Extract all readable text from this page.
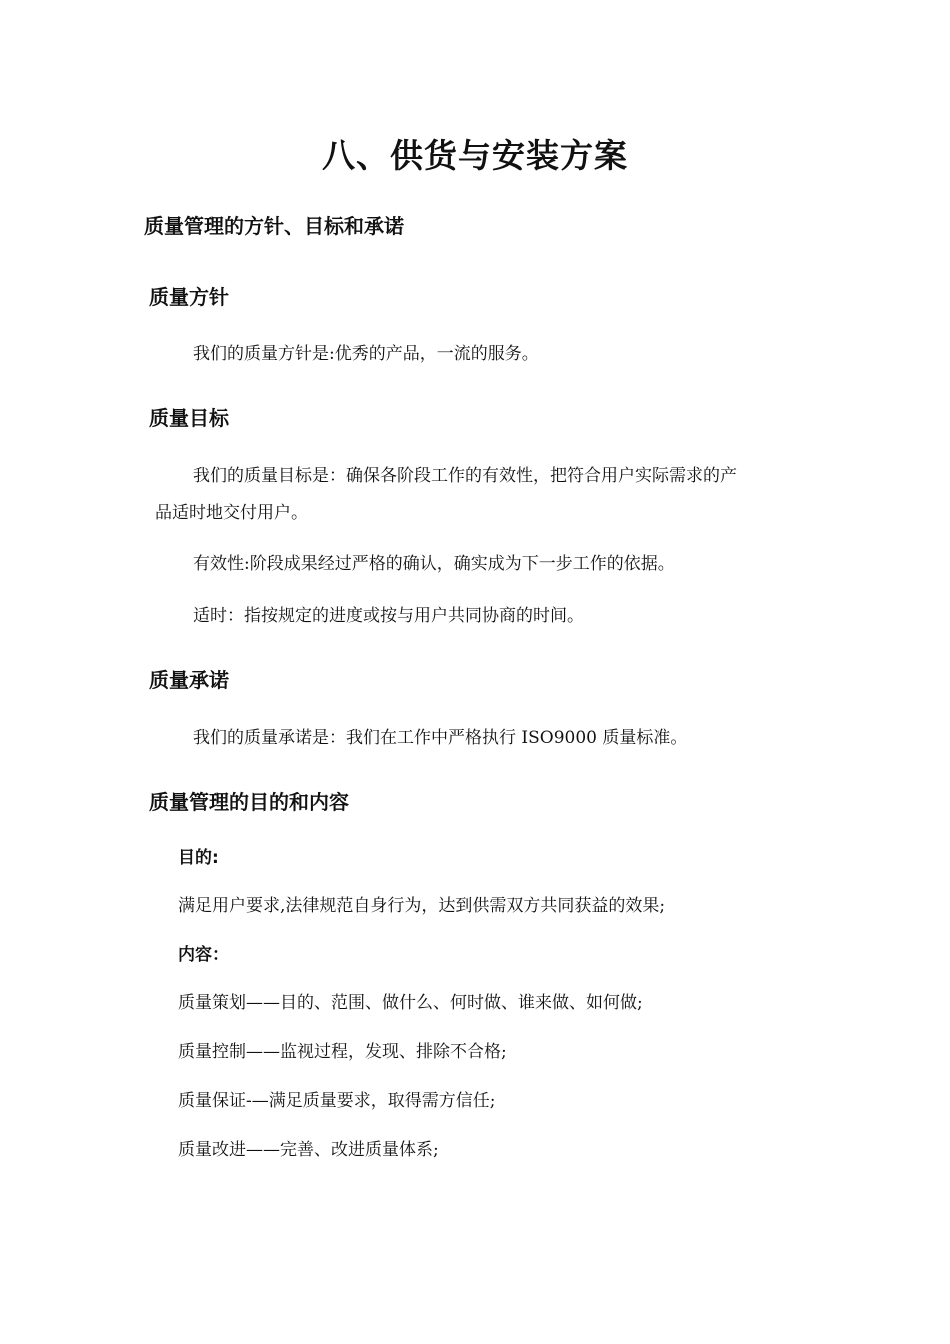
八、供货与安装方案
质量管理的方针、目标和承诺
质量方针
我们的质量方针是:优秀的产品，一流的服务。
质量目标
我们的质量目标是：确保各阶段工作的有效性，把符合用户实际需求的产
品适时地交付用户。
有效性:阶段成果经过严格的确认，确实成为下一步工作的依据。
适时：指按规定的进度或按与用户共同协商的时间。
质量承诺
我们的质量承诺是：我们在工作中严格执行 ISO9000 质量标准。
质量管理的目的和内容
目的:
满足用户要求,法律规范自身行为，达到供需双方共同获益的效果;
内容：
质量策划——目的、范围、做什么、何时做、谁来做、如何做;
质量控制——监视过程，发现、排除不合格;
质量保证-—满足质量要求，取得需方信任;
质量改进——完善、改进质量体系;
